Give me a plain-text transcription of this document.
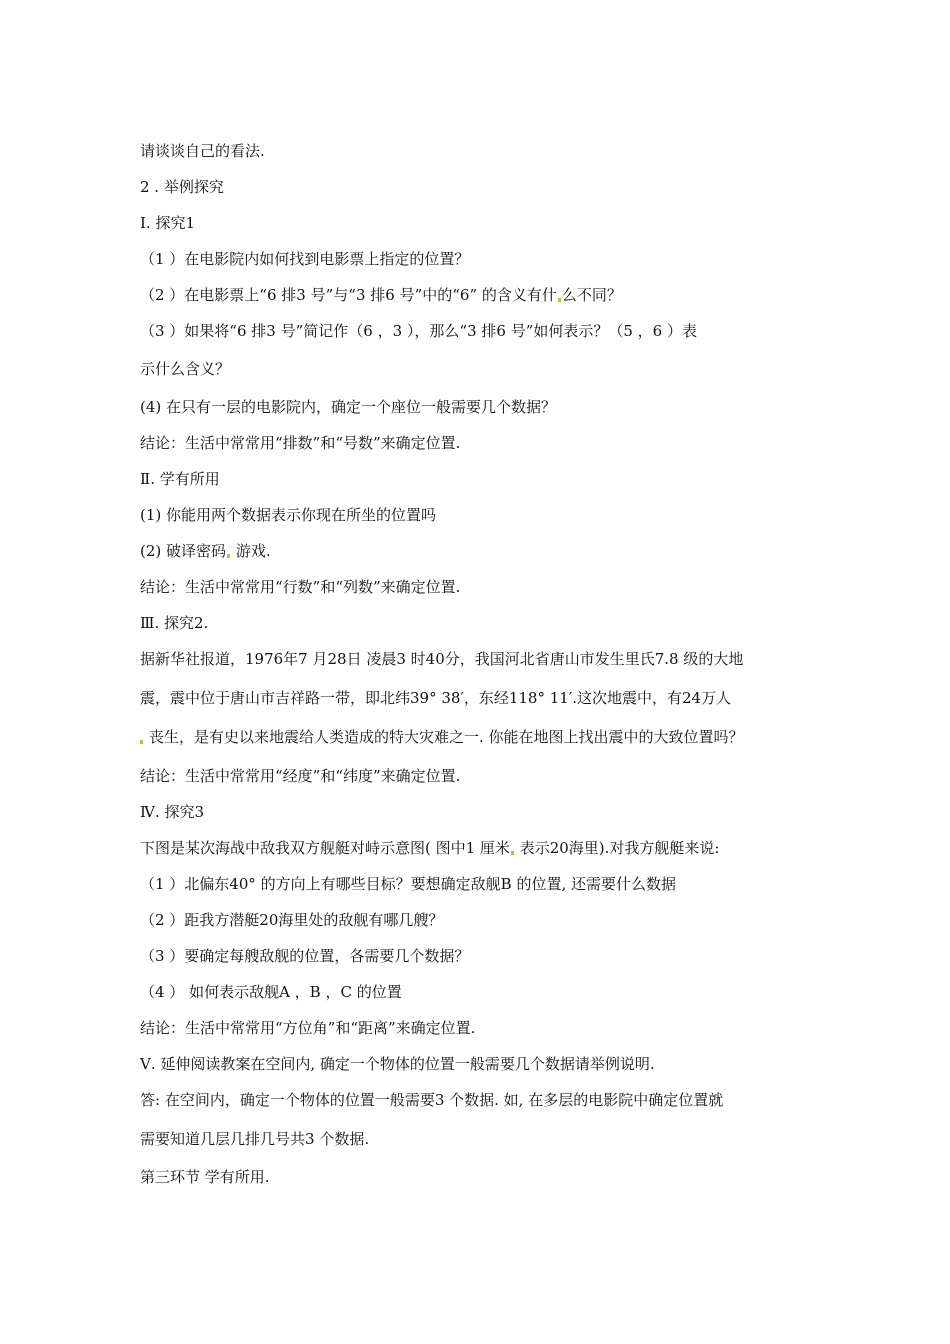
请谈谈自己的看法.
2 . 举例探究
Ⅰ. 探究1
（1 ）在电影院内如何找到电影票上指定的位置？
（2 ）在电影票上“6 排3 号”与“3 排6 号”中的“6” 的含义有什 么不同？
（3 ）如果将“6 排3 号”简记作（6 ，3 ），那么“3 排6 号”如何表示？（5 ，6 ）表
示什么含义？
(4) 在只有一层的电影院内，确定一个座位一般需要几个数据？
结论：生活中常常用“排数”和“号数”来确定位置.
Ⅱ. 学有所用
(1) 你能用两个数据表示你现在所坐的位置吗
(2) 破译密码 游戏.
结论：生活中常常用“行数”和“列数”来确定位置.
Ⅲ. 探究2.
据新华社报道，1976年7 月28日 凌晨3 时40分，我国河北省唐山市发生里氏7.8 级的大地
震，震中位于唐山市吉祥路一带，即北纬39° 38′，东经118° 11′.这次地震中，有24万人
丧生，是有史以来地震给人类造成的特大灾难之一. 你能在地图上找出震中的大致位置吗？
结论：生活中常常用“经度”和“纬度”来确定位置.
Ⅳ. 探究3
下图是某次海战中敌我双方舰艇对峙示意图( 图中1 厘米 表示20海里).对我方舰艇来说:
（1 ）北偏东40° 的方向上有哪些目标？要想确定敌舰B 的位置, 还需要什么数据
（2 ）距我方潜艇20海里处的敌舰有哪几艘？
（3 ）要确定每艘敌舰的位置，各需要几个数据？
（4 ） 如何表示敌舰A ，B ，C 的位置
结论：生活中常常用“方位角”和“距离”来确定位置.
Ⅴ. 延伸阅读教案在空间内, 确定一个物体的位置一般需要几个数据请举例说明.
答: 在空间内，确定一个物体的位置一般需要3 个数据. 如, 在多层的电影院中确定位置就
需要知道几层几排几号共3 个数据.
第三环节 学有所用.
